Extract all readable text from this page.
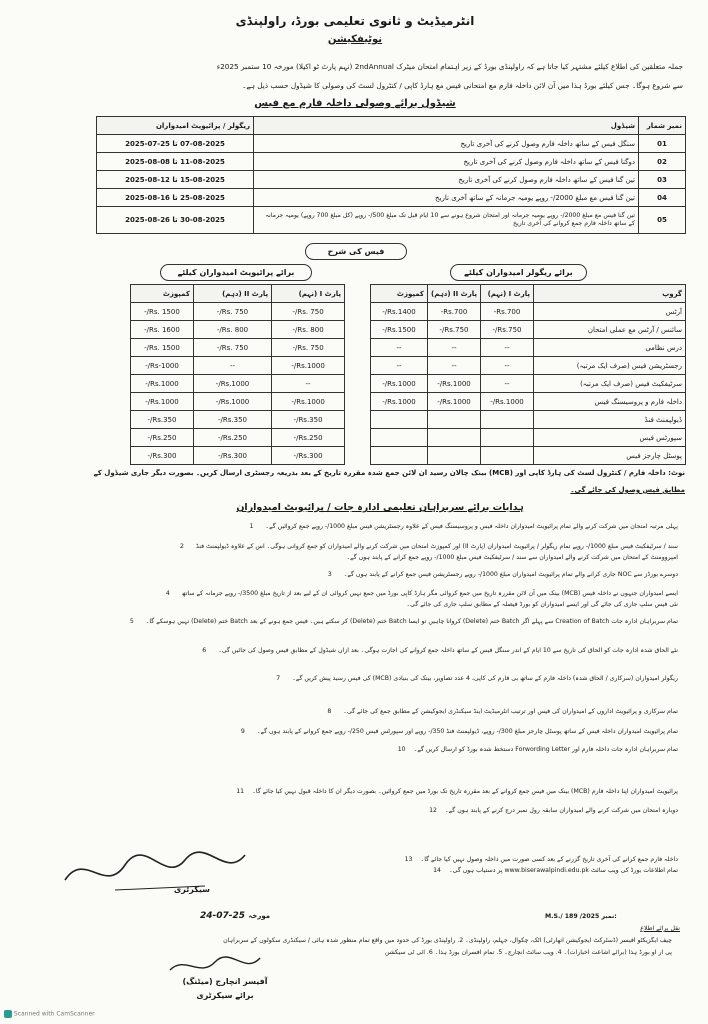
انٹرمیڈیٹ و ثانوی تعلیمی بورڈ، راولپنڈی
نوٹیفکیشن
جملہ متعلقین کی اطلاع کیلئے مشتہر کیا جاتا ہے کہ راولپنڈی بورڈ کے زیر اہتمام امتحان میٹرک 2ndAnnual (نہم پارٹ ٹو اکیلا) مورخہ 10 ستمبر 2025ء
سے شروع ہوگا۔ جس کیلئے بورڈ ہذا میں آن لائن داخلہ فارم مع امتحانی فیس مع ہارڈ کاپی / کنٹرول لسٹ کی وصولی کا شیڈول حسب ذیل ہے۔
شیڈول برائے وصولی داخلہ فارم مع فیس
نمبر شمار	شیڈول	ریگولر / پرائیویٹ امیدواران
01	سنگل فیس کے ساتھ داخلہ فارم وصول کرنے کی آخری تاریخ	07-08-2025 تا 25-07-2025
02	دوگنا فیس کے ساتھ داخلہ فارم وصول کرنے کی آخری تاریخ	11-08-2025 تا 08-08-2025
03	تین گنا فیس کے ساتھ داخلہ فارم وصول کرنے کی آخری تاریخ	15-08-2025 تا 12-08-2025
04	تین گنا فیس مع مبلغ 2000/- روپے یومیہ جرمانہ کے ساتھ آخری تاریخ	25-08-2025 تا 16-08-2025
05	تین گنا فیس مع مبلغ 2000/- روپے یومیہ جرمانہ اور امتحان شروع ہونے سے 10 ایام قبل تک مبلغ 500/- روپے (کل مبلغ 700 روپے) یومیہ جرمانہ کے ساتھ داخلہ فارم جمع کروانے کی آخری تاریخ	30-08-2025 تا 26-08-2025
فیس کی شرح
برائے ریگولر امیدواران کیلئے
برائے پرائیویٹ امیدواران کیلئے
گروپ	پارٹ I (نہم)	پارٹ II (دہم)	کمپوزٹ
آرٹس	Rs.700-	Rs.700-	Rs.1400/-
سائنس / آرٹس مع عملی امتحان	Rs.750/-	Rs.750/-	Rs.1500/-
درس نظامی	--	--	--
رجسٹریشن فیس (صرف ایک مرتبہ)	--	--	--
سرٹیفکیٹ فیس (صرف ایک مرتبہ)	--	Rs.1000/-	Rs.1000/-
داخلہ فارم و پروسیسنگ فیس	Rs.1000/-	Rs.1000/-	Rs.1000/-
ڈیولپمنٹ فنڈ			
سپورٹس فیس			
پوسٹل چارجز فیس			
پارٹ I (نہم)	پارٹ II (دہم)	کمپوزٹ
Rs. 750/-	Rs. 750/-	Rs. 1500/-
Rs. 800/-	Rs. 800/-	Rs. 1600/-
Rs. 750/-	Rs. 750/-	Rs. 1500/-
Rs.1000/-	--	Rs-1000/-
--	Rs.1000/-	Rs.1000/-
Rs.1000/-	Rs.1000/-	Rs.1000/-
Rs.350/-	Rs.350/-	Rs.350/-
Rs.250/-	Rs.250/-	Rs.250/-
Rs.300/-	Rs.300/-	Rs.300/-
نوٹ: داخلہ فارم / کنٹرول لسٹ کی ہارڈ کاپی اور (MCB) بینک چالان رسید آن لائن جمع شدہ مقررہ تاریخ کے بعد بذریعہ رجسٹری ارسال کریں۔ بصورت دیگر جاری شیڈول کے
مطابق فیس وصول کی جائے گی۔
ہدایات برائے سربراہان تعلیمی ادارہ جات / پرائیویٹ امیدواران
پہلی مرتبہ امتحان میں شرکت کرنے والے تمام پرائیویٹ امیدواران داخلہ فیس و پروسیسنگ فیس کے علاوہ رجسٹریشن فیس مبلغ 1000/- روپے جمع کروائیں گے۔ 1
سند / سرٹیفکیٹ فیس مبلغ 1000/- روپے تمام ریگولر / پرائیویٹ امیدواران (پارٹ II) اور کمپوزٹ امتحان میں شرکت کرنے والے امیدواران کو جمع کروانی ہوگی۔ اس کے علاوہ ڈیولپمنٹ فنڈ 2
امپروومنٹ کے امتحان میں شرکت کرنے والے امیدواران سے سند / سرٹیفکیٹ فیس مبلغ 1000/- روپے جمع کرانے کے پابند ہوں گے۔
دوسرے بورڈز سے NOC جاری کرانے والے تمام پرائیویٹ امیدواران مبلغ 1000/- روپے رجسٹریشن فیس جمع کرانے کے پابند ہوں گے۔ 3
ایسے امیدواران جنہوں نے داخلہ فیس (MCB) بینک میں آن لائن مقررہ تاریخ میں جمع کروائی مگر ہارڈ کاپی بورڈ میں جمع نہیں کروائی ان کے لیے بعد از تاریخ مبلغ 3500/- روپے جرمانہ کے ساتھ 4
نئی فیس سلپ جاری کی جائے گی اور ایسے امیدواران کو بورڈ فیصلہ کے مطابق سلپ جاری کی جائے گی۔
تمام سربراہان ادارہ جات Creation of Batch سے پہلے اگر Batch ختم (Delete) کروانا چاہیں تو ایسا Batch ختم (Delete) کر سکتے ہیں۔ فیس جمع ہونے کے بعد Batch ختم (Delete) نہیں ہوسکے گا۔ 5
نئے الحاق شدہ ادارہ جات کو الحاق کی تاریخ سے 10 ایام کے اندر سنگل فیس کے ساتھ داخلہ جمع کروانے کی اجازت ہوگی۔ بعد ازاں شیڈول کے مطابق فیس وصول کی جائیں گی۔ 6
ریگولر امیدواران (سرکاری / الحاق شدہ) داخلہ فارم کے ساتھ بی فارم کی کاپی، 4 عدد تصاویر، بینک کی بنیادی (MCB) کی فیس رسید پیش کریں گے۔ 7
تمام سرکاری و پرائیویٹ اداروں کے امیدواران کی فیس اور ترتیب انٹرمیڈیٹ اینڈ سیکنڈری ایجوکیشن کے مطابق جمع کی جائے گی۔ 8
تمام پرائیویٹ امیدواران داخلہ فیس کے ساتھ پوسٹل چارجز مبلغ 300/- روپے، ڈیولپمنٹ فنڈ 350/- روپے اور سپورٹس فیس 250/- روپے جمع کروانے کے پابند ہوں گے۔ 9
تمام سربراہان ادارہ جات داخلہ فارم اور Forwording Letter دستخط شدہ بورڈ کو ارسال کریں گے۔ 10
پرائیویٹ امیدواران اپنا داخلہ فارم (MCB) بینک میں فیس جمع کروانے کے بعد مقررہ تاریخ تک بورڈ میں جمع کروائیں۔ بصورت دیگر ان کا داخلہ قبول نہیں کیا جائے گا۔ 11
دوبارہ امتحان میں شرکت کرنے والے امیدواران سابقہ رول نمبر درج کرنے کے پابند ہوں گے۔ 12
داخلہ فارم جمع کرانے کی آخری تاریخ گزرنے کے بعد کسی صورت میں داخلہ وصول نہیں کیا جائے گا۔ 13
تمام اطلاعات بورڈ کی ویب سائٹ www.biserawalpindi.edu.pk پر دستیاب ہوں گی۔ 14
سیکرٹری
M.S./ 189 /2025 نمبر:
24-07-25 مورخہ
نقل برائے اطلاع
چیف ایگزیکٹو آفیسر (ڈسٹرکٹ ایجوکیشن اتھارٹی) اٹک، چکوال، جہلم، راولپنڈی۔ 2. راولپنڈی بورڈ کی حدود میں واقع تمام منظور شدہ ہائی / سیکنڈری سکولوں کے سربراہان
پی آر او بورڈ ہذا (برائے اشاعت اخبارات)۔ 4. ویب سائٹ انچارج۔ 5. تمام افسران بورڈ ہذا۔ 6. آئی ٹی سیکشن
آفیسر انچارج (میٹنگ)
برائے سیکرٹری
Scanned with CamScanner
